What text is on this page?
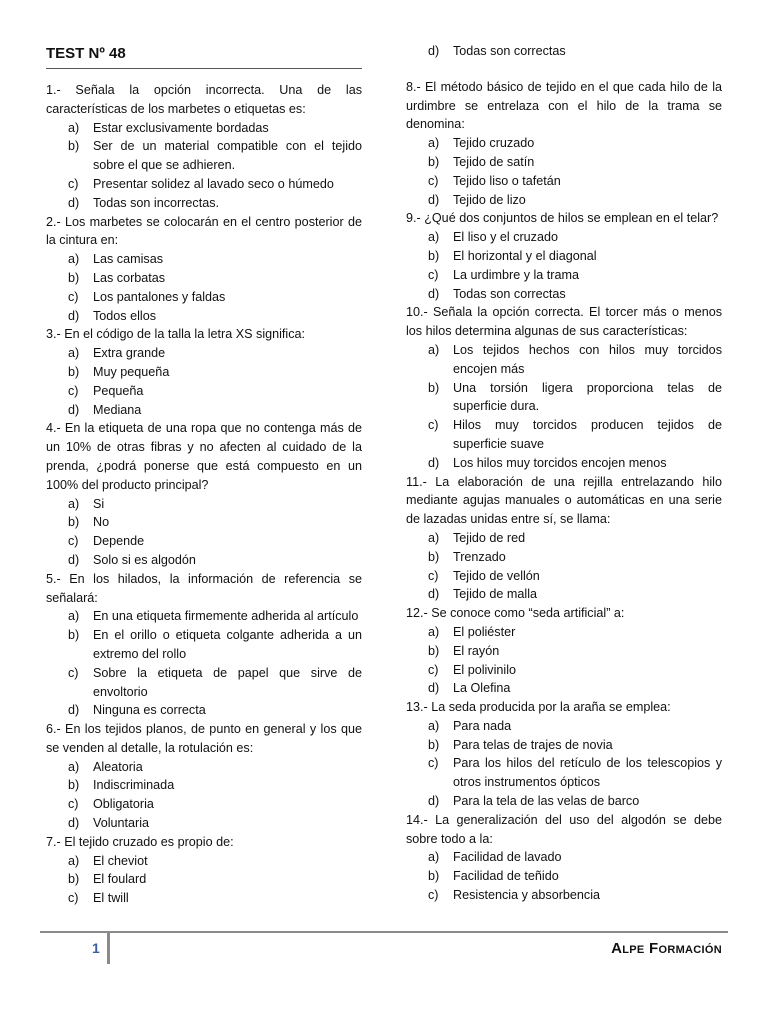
TEST Nº 48
1.- Señala la opción incorrecta. Una de las características de los marbetes o etiquetas es:
a)	Estar exclusivamente bordadas
b)	Ser de un material compatible con el tejido sobre el que se adhieren.
c)	Presentar solidez al lavado seco o húmedo
d)	Todas son incorrectas.
2.- Los marbetes se colocarán en el centro posterior de la cintura en:
a)	Las camisas
b)	Las corbatas
c)	Los pantalones y faldas
d)	Todos ellos
3.- En el código de la talla la letra XS significa:
a)	Extra grande
b)	Muy pequeña
c)	Pequeña
d)	Mediana
4.- En la etiqueta de una ropa que no contenga más de un 10% de otras fibras y no afecten al cuidado de la prenda, ¿podrá ponerse que está compuesto en un 100% del producto principal?
a)	Si
b)	No
c)	Depende
d)	Solo si es algodón
5.- En los hilados, la información de referencia se señalará:
a)	En una etiqueta firmemente adherida al artículo
b)	En el orillo o etiqueta colgante adherida a un extremo del rollo
c)	Sobre la etiqueta de papel que sirve de envoltorio
d)	Ninguna es correcta
6.- En los tejidos planos, de punto en general y los que se venden al detalle, la rotulación es:
a)	Aleatoria
b)	Indiscriminada
c)	Obligatoria
d)	Voluntaria
7.- El tejido cruzado es propio de:
a)	El cheviot
b)	El foulard
c)	El twill
d)	Todas son correctas
8.- El método básico de tejido en el que cada hilo de la urdimbre se entrelaza con el hilo de la trama se denomina:
a)	Tejido cruzado
b)	Tejido de satín
c)	Tejido liso o tafetán
d)	Tejido de lizo
9.- ¿Qué dos conjuntos de hilos se emplean en el telar?
a)	El liso y el cruzado
b)	El horizontal y el diagonal
c)	La urdimbre y la trama
d)	Todas son correctas
10.- Señala la opción correcta. El torcer más o menos los hilos determina algunas de sus características:
a)	Los tejidos hechos con hilos muy torcidos encojen más
b)	Una torsión ligera proporciona telas de superficie dura.
c)	Hilos muy torcidos producen tejidos de superficie suave
d)	Los hilos muy torcidos encojen menos
11.- La elaboración de una rejilla entrelazando hilo mediante agujas manuales o automáticas en una serie de lazadas unidas entre sí, se llama:
a)	Tejido de red
b)	Trenzado
c)	Tejido de vellón
d)	Tejido de malla
12.- Se conoce como “seda artificial” a:
a)	El poliéster
b)	El rayón
c)	El polivinilo
d)	La Olefina
13.- La seda producida por la araña se emplea:
a)	Para nada
b)	Para telas de trajes de novia
c)	Para los hilos del retículo de los telescopios y otros instrumentos ópticos
d)	Para la tela de las velas de barco
14.- La generalización del uso del algodón se debe sobre todo a la:
a)	Facilidad de lavado
b)	Facilidad de teñido
c)	Resistencia y absorbencia
1	Alpe Formación
